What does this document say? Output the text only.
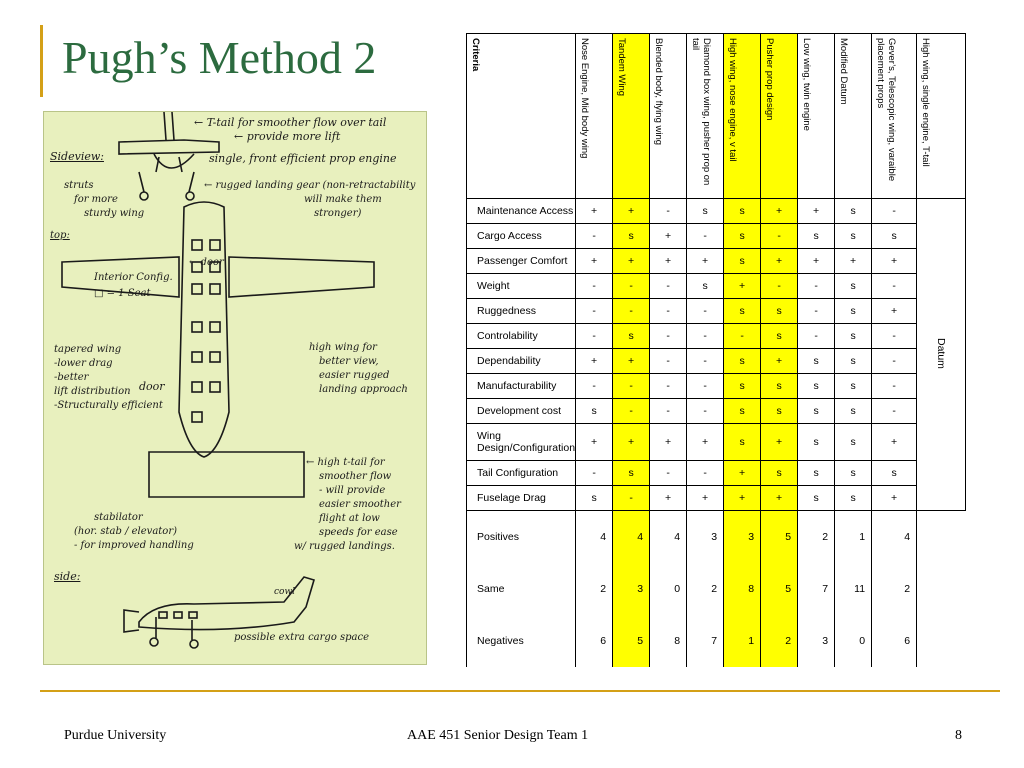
Pugh’s Method 2
← T-tail for smoother flow over tail
← provide more lift
Sideview:	single, front efficient prop engine
struts
for more
sturdy wing
← rugged landing gear (non-retractability
will make them
stronger)
top:
← door
Interior Config.
□ = 1 Seat
tapered wing
-lower drag
-better
lift distribution
-Structurally efficient
door
high wing for
better view,
easier rugged
landing approach
← high t-tail for
smoother flow
- will provide
easier smoother
flight at low
speeds for ease
w/ rugged landings.
stabilator
(hor. stab / elevator)
- for improved handling
side:
cowl
possible extra cargo space
Criteria	Nose Engine, Mid body wing	Tandem Wing	Blended body, flying wing	Diamond box wing, pusher prop on tail	High wing, nose engine, v tail	Pusher prop design	Low wing, twin engine	Modified Datum	Gever’s, Telescopic wing, varaible placement props	High wing, single engine, T-tail

Maintenance Access	+	+	-	s	s	+	+	s	-	Datum
Cargo Access	-	s	+	-	s	-	s	s	s	
Passenger Comfort	+	+	+	+	s	+	+	+	+	
Weight	-	-	-	s	+	-	-	s	-	
Ruggedness	-	-	-	-	s	s	-	s	+	
Controlability	-	s	-	-	-	s	-	s	-	
Dependability	+	+	-	-	s	+	s	s	-	
Manufacturability	-	-	-	-	s	s	s	s	-	
Development cost	s	-	-	-	s	s	s	s	-	
Wing Design/Configuration	+	+	+	+	s	+	s	s	+	
Tail Configuration	-	s	-	-	+	s	s	s	s	
Fuselage Drag	s	-	+	+	+	+	s	s	+	
Positives	4	4	4	3	3	5	2	1	4	
Same	2	3	0	2	8	5	7	11	2	
Negatives	6	5	8	7	1	2	3	0	6	
Purdue University	AAE 451 Senior Design Team 1	8
